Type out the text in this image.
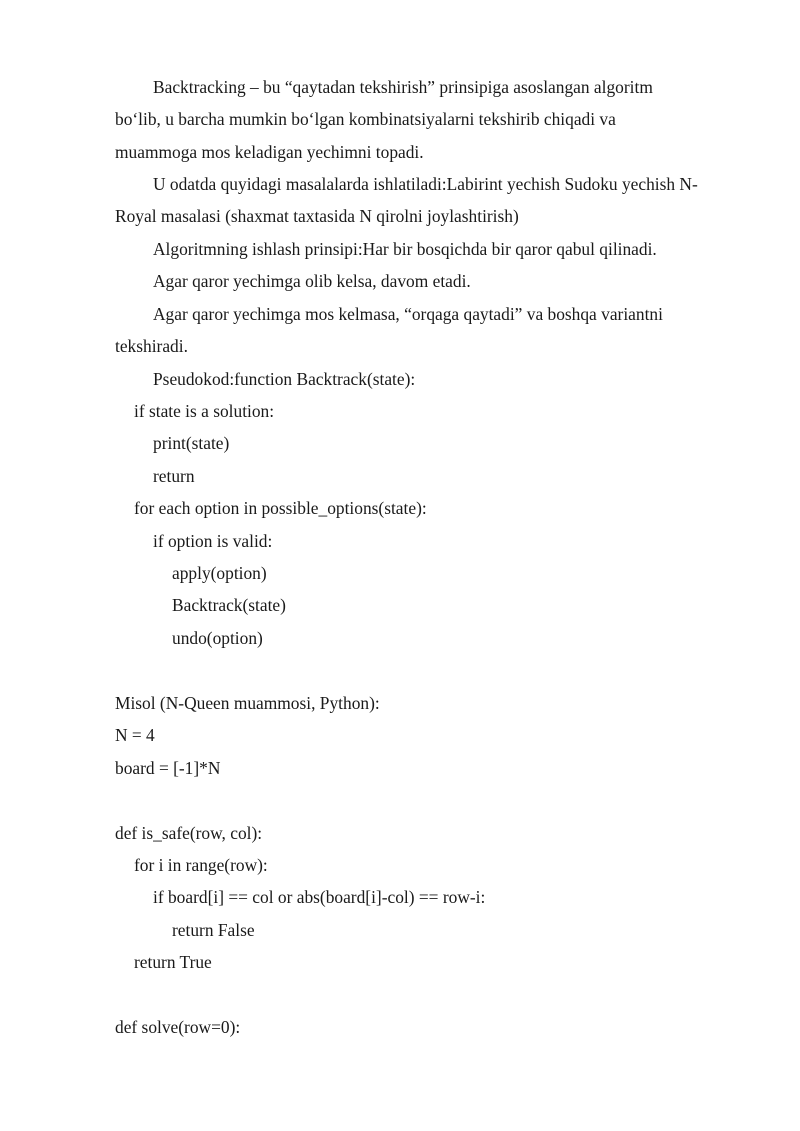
Backtracking – bu “qaytadan tekshirish” prinsipiga asoslangan algoritm
bo‘lib, u barcha mumkin bo‘lgan kombinatsiyalarni tekshirib chiqadi va
muammoga mos keladigan yechimni topadi.
U odatda quyidagi masalalarda ishlatiladi:Labirint yechish Sudoku yechish N-
Royal masalasi (shaxmat taxtasida N qirolni joylashtirish)
Algoritmning ishlash prinsipi:Har bir bosqichda bir qaror qabul qilinadi.
Agar qaror yechimga olib kelsa, davom etadi.
Agar qaror yechimga mos kelmasa, “orqaga qaytadi” va boshqa variantni
tekshiradi.
Pseudokod:function Backtrack(state):
if state is a solution:
print(state)
return
for each option in possible_options(state):
if option is valid:
apply(option)
Backtrack(state)
undo(option)
Misol (N-Queen muammosi, Python):
N = 4
board = [-1]*N
def is_safe(row, col):
for i in range(row):
if board[i] == col or abs(board[i]-col) == row-i:
return False
return True
def solve(row=0):
